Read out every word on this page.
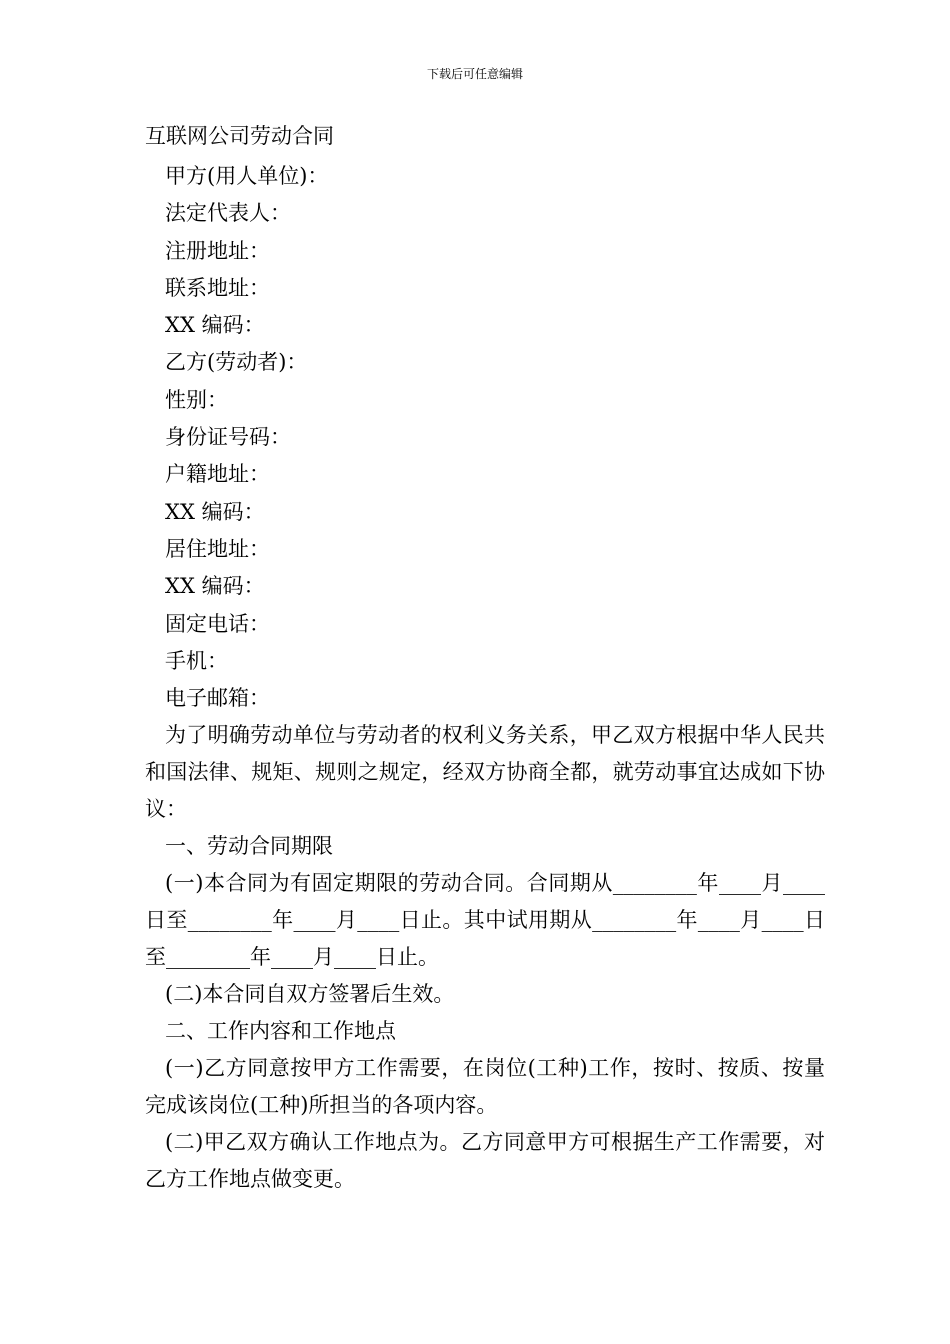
下载后可任意编辑
互联网公司劳动合同
甲方(用人单位)：
法定代表人：
注册地址：
联系地址：
XX 编码：
乙方(劳动者)：
性别：
身份证号码：
户籍地址：
XX 编码：
居住地址：
XX 编码：
固定电话：
手机：
电子邮箱：

为了明确劳动单位与劳动者的权利义务关系，甲乙双方根据中华人民共和国法律、规矩、规则之规定，经双方协商全都，就劳动事宜达成如下协议：

一、劳动合同期限

(一)本合同为有固定期限的劳动合同。合同期从________年____月____日至________年____月____日止。其中试用期从________年____月____日至________年____月____日止。

(二)本合同自双方签署后生效。

二、工作内容和工作地点

(一)乙方同意按甲方工作需要，在岗位(工种)工作，按时、按质、按量完成该岗位(工种)所担当的各项内容。

(二)甲乙双方确认工作地点为。乙方同意甲方可根据生产工作需要，对乙方工作地点做变更。
